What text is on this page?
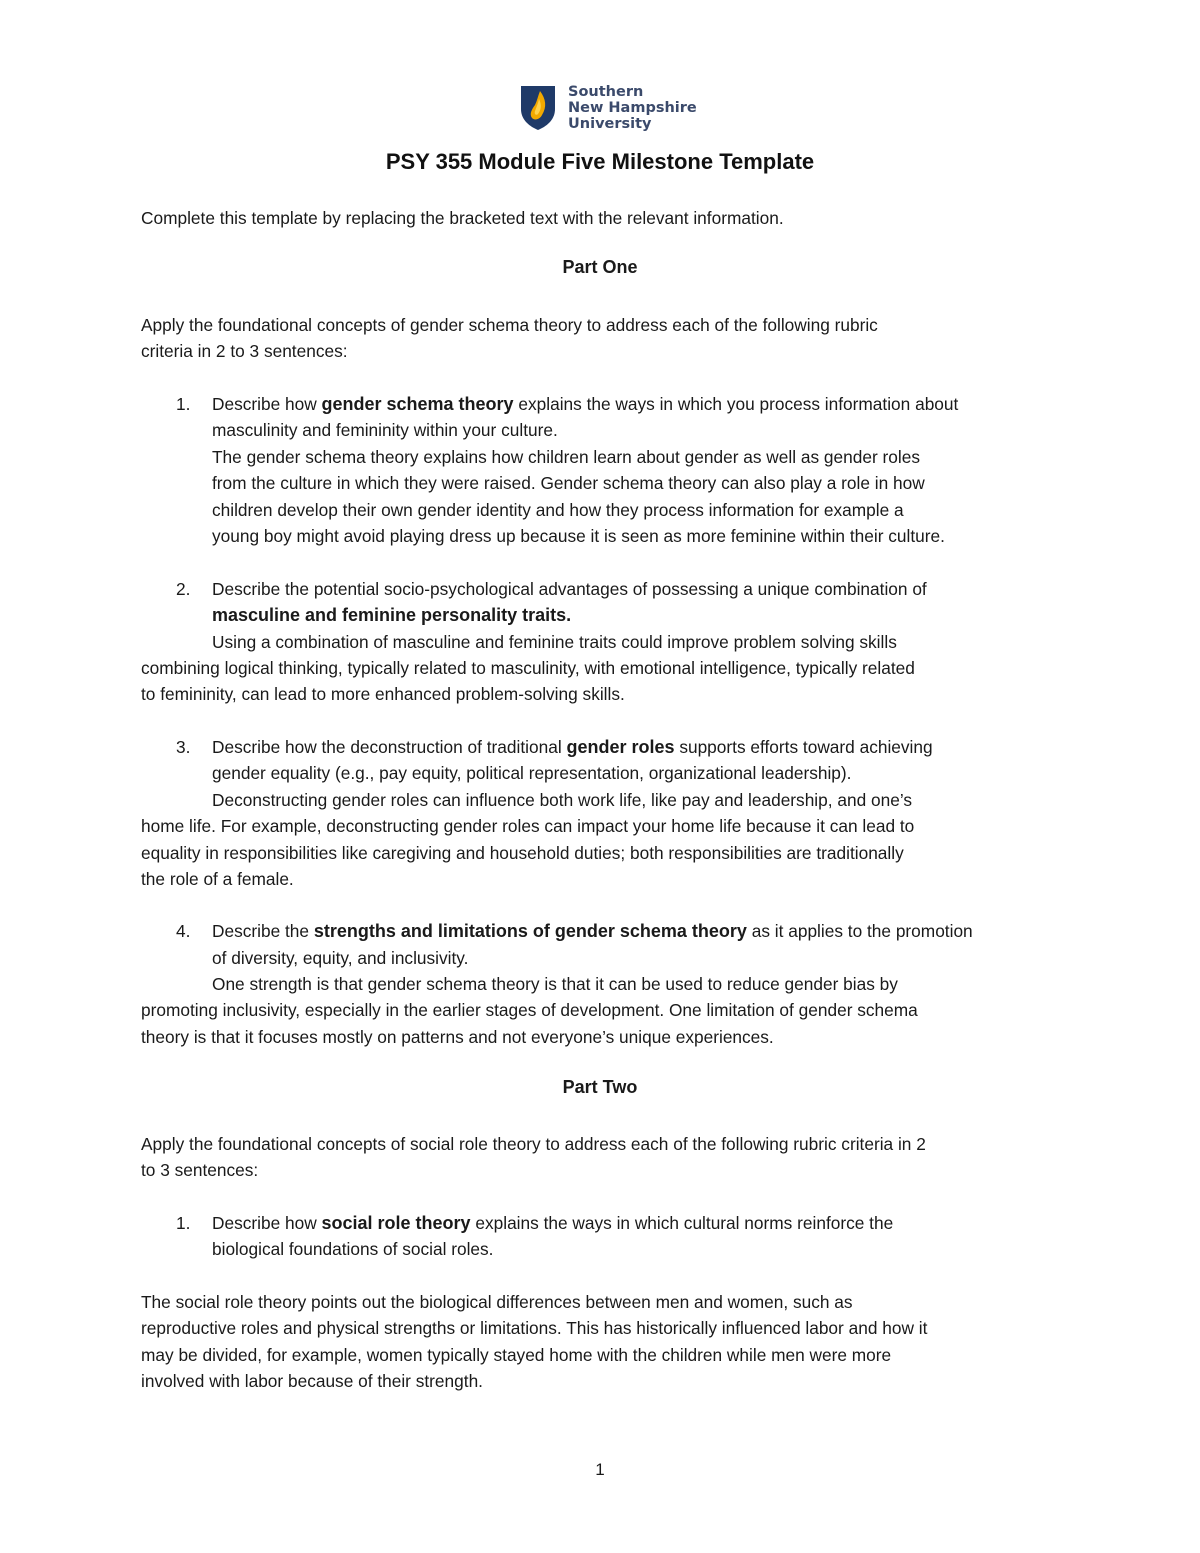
Southern
New Hampshire
University
PSY 355 Module Five Milestone Template
Complete this template by replacing the bracketed text with the relevant information.
Part One
Apply the foundational concepts of gender schema theory to address each of the following rubric
criteria in 2 to 3 sentences:
1. Describe how gender schema theory explains the ways in which you process information about
masculinity and femininity within your culture.
The gender schema theory explains how children learn about gender as well as gender roles
from the culture in which they were raised. Gender schema theory can also play a role in how
children develop their own gender identity and how they process information for example a
young boy might avoid playing dress up because it is seen as more feminine within their culture.
2. Describe the potential socio-psychological advantages of possessing a unique combination of
masculine and feminine personality traits.
Using a combination of masculine and feminine traits could improve problem solving skills
combining logical thinking, typically related to masculinity, with emotional intelligence, typically related
to femininity, can lead to more enhanced problem-solving skills.
3. Describe how the deconstruction of traditional gender roles supports efforts toward achieving
gender equality (e.g., pay equity, political representation, organizational leadership).
Deconstructing gender roles can influence both work life, like pay and leadership, and one’s
home life. For example, deconstructing gender roles can impact your home life because it can lead to
equality in responsibilities like caregiving and household duties; both responsibilities are traditionally
the role of a female.
4. Describe the strengths and limitations of gender schema theory as it applies to the promotion
of diversity, equity, and inclusivity.
One strength is that gender schema theory is that it can be used to reduce gender bias by
promoting inclusivity, especially in the earlier stages of development. One limitation of gender schema
theory is that it focuses mostly on patterns and not everyone’s unique experiences.
Part Two
Apply the foundational concepts of social role theory to address each of the following rubric criteria in 2
to 3 sentences:
1. Describe how social role theory explains the ways in which cultural norms reinforce the
biological foundations of social roles.
The social role theory points out the biological differences between men and women, such as
reproductive roles and physical strengths or limitations. This has historically influenced labor and how it
may be divided, for example, women typically stayed home with the children while men were more
involved with labor because of their strength.
1
